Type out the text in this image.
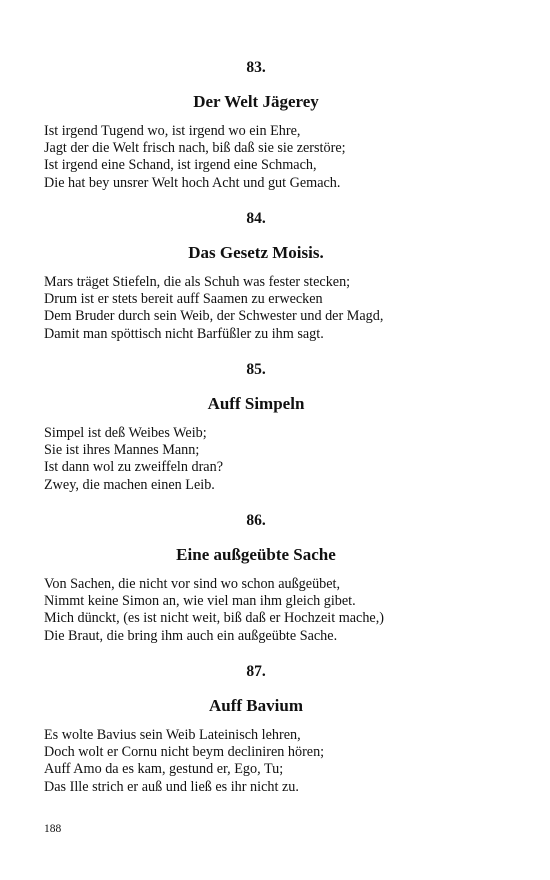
83.
Der Welt Jägerey
Ist irgend Tugend wo, ist irgend wo ein Ehre,
Jagt der die Welt frisch nach, biß daß sie sie zerstöre;
Ist irgend eine Schand, ist irgend eine Schmach,
Die hat bey unsrer Welt hoch Acht und gut Gemach.
84.
Das Gesetz Moisis.
Mars träget Stiefeln, die als Schuh was fester stecken;
Drum ist er stets bereit auff Saamen zu erwecken
Dem Bruder durch sein Weib, der Schwester und der Magd,
Damit man spöttisch nicht Barfüßler zu ihm sagt.
85.
Auff Simpeln
Simpel ist deß Weibes Weib;
Sie ist ihres Mannes Mann;
Ist dann wol zu zweiffeln dran?
Zwey, die machen einen Leib.
86.
Eine außgeübte Sache
Von Sachen, die nicht vor sind wo schon außgeübet,
Nimmt keine Simon an, wie viel man ihm gleich gibet.
Mich dünckt, (es ist nicht weit, biß daß er Hochzeit mache,)
Die Braut, die bring ihm auch ein außgeübte Sache.
87.
Auff Bavium
Es wolte Bavius sein Weib Lateinisch lehren,
Doch wolt er Cornu nicht beym decliniren hören;
Auff Amo da es kam, gestund er, Ego, Tu;
Das Ille strich er auß und ließ es ihr nicht zu.
188
